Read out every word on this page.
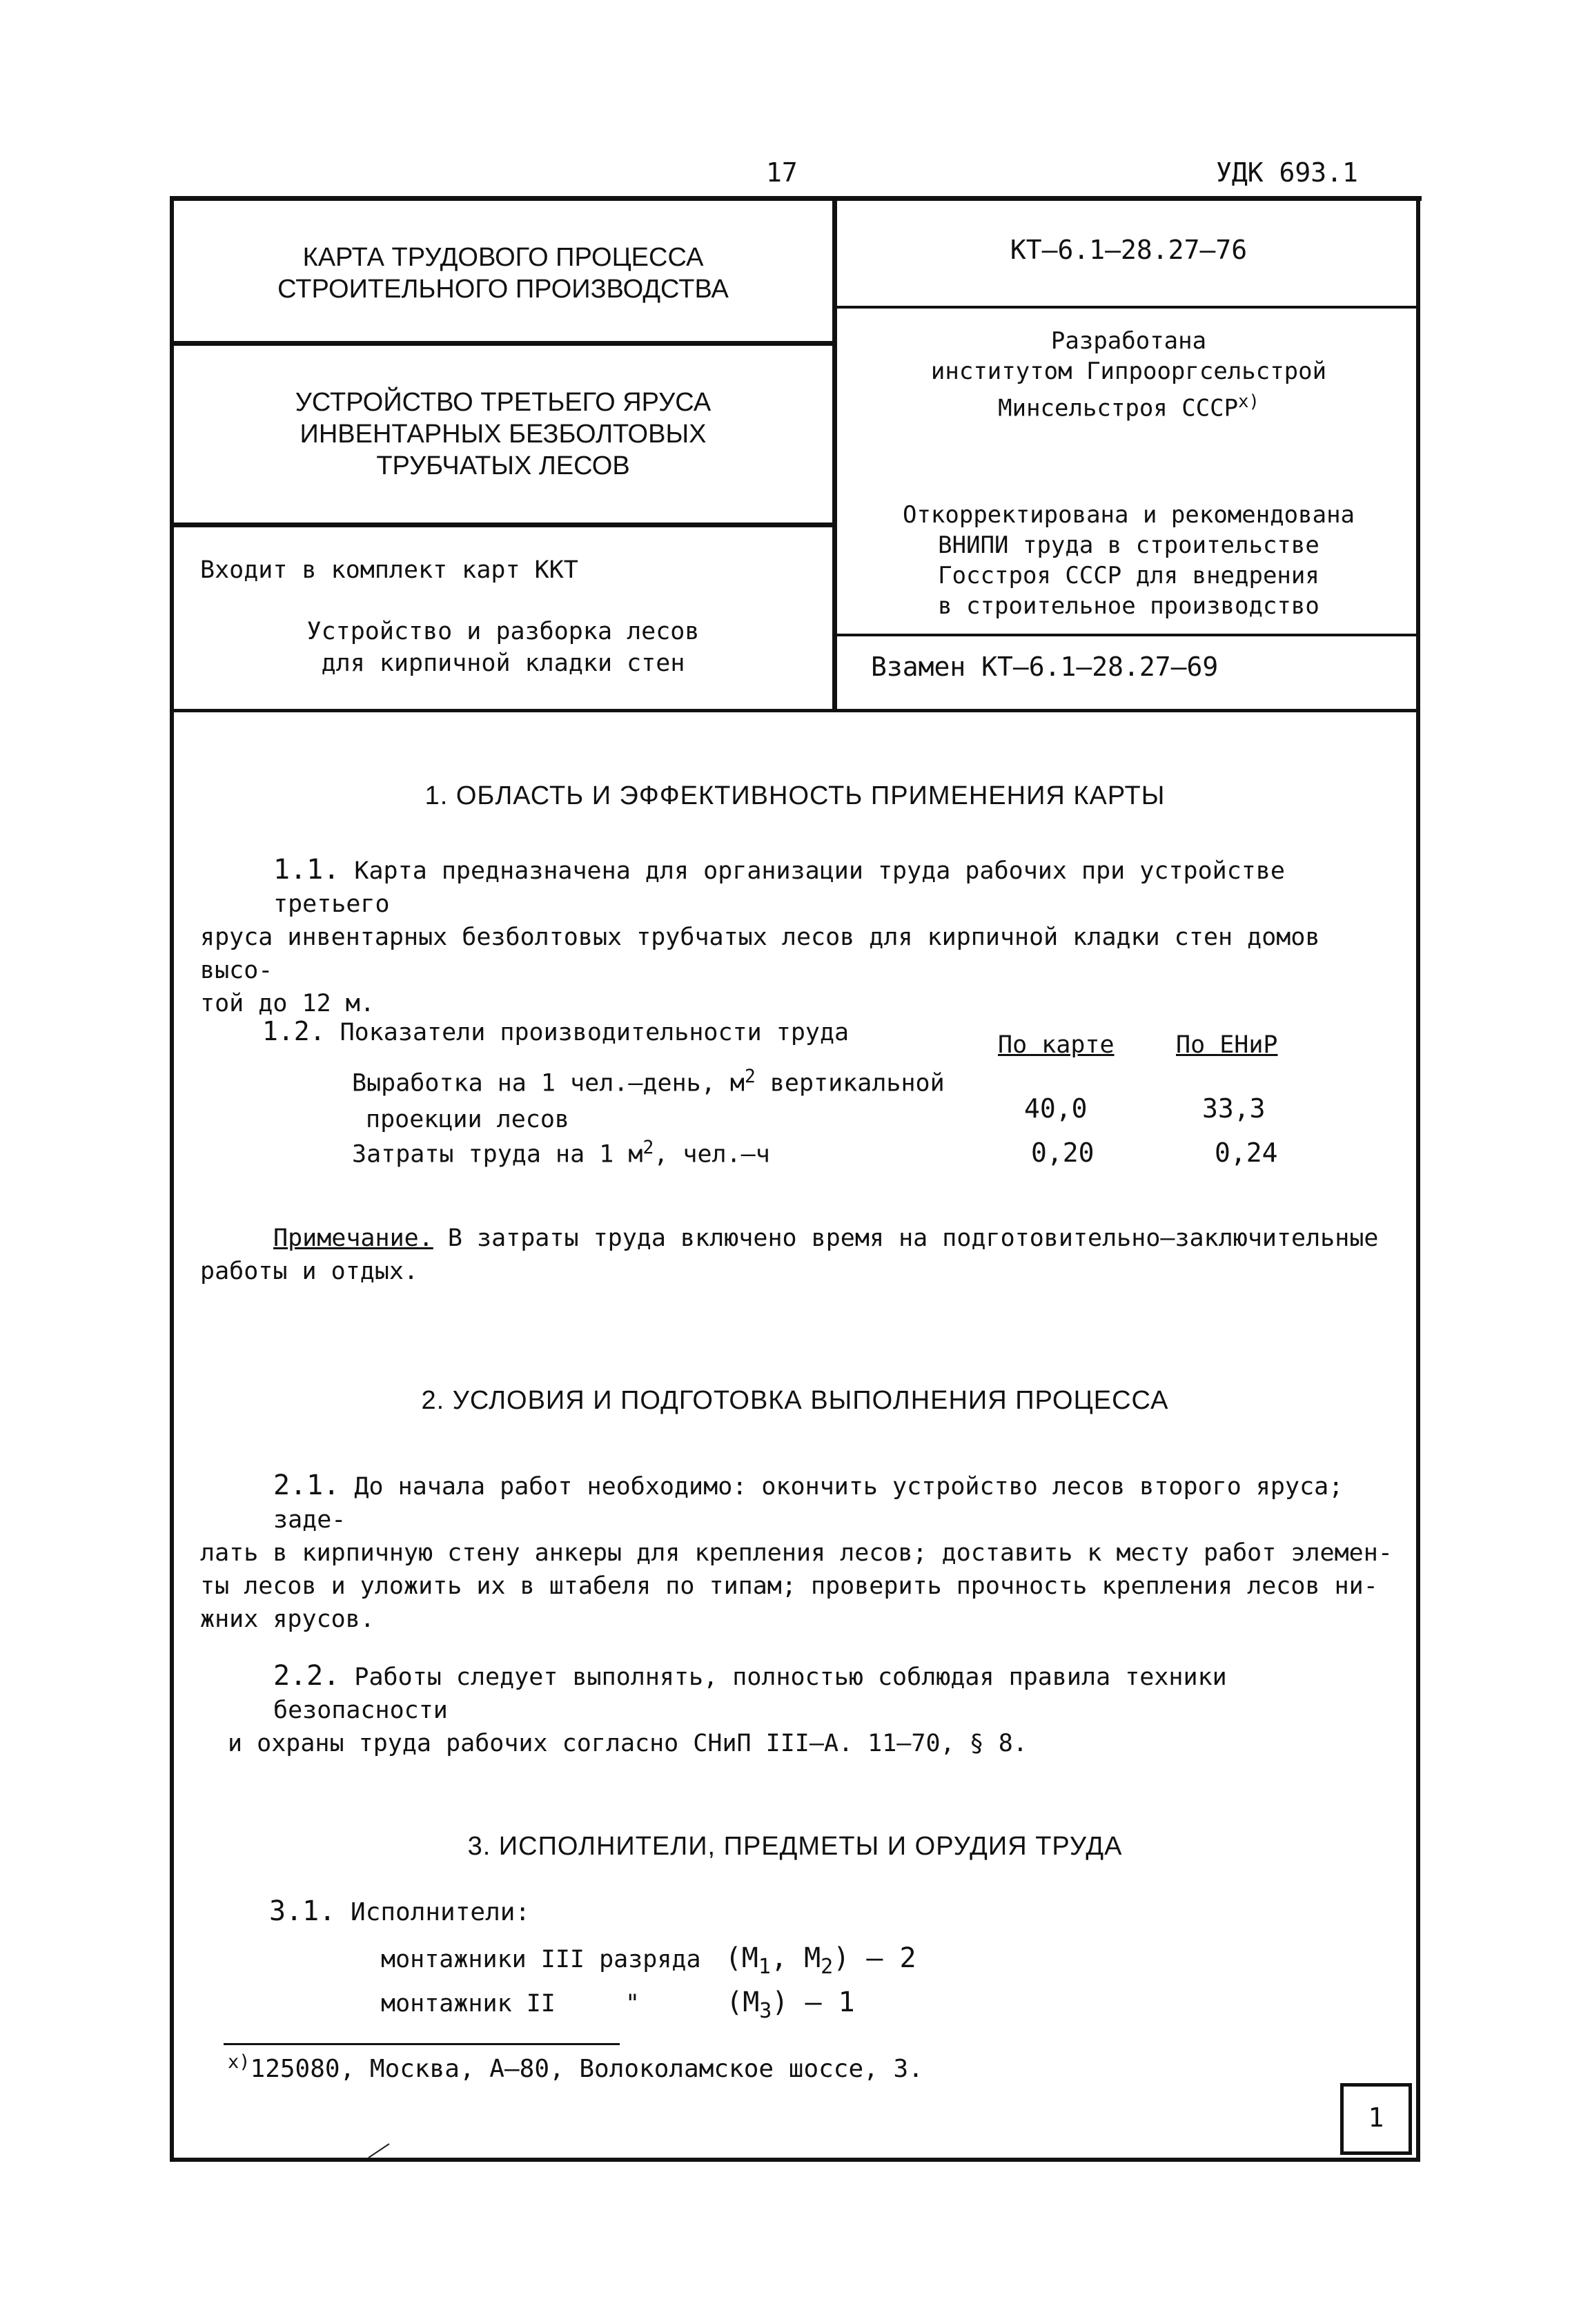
17	УДК 693.1
КАРТА ТРУДОВОГО ПРОЦЕССА
СТРОИТЕЛЬНОГО ПРОИЗВОДСТВА
УСТРОЙСТВО ТРЕТЬЕГО ЯРУСА
ИНВЕНТАРНЫХ БЕЗБОЛТОВЫХ
ТРУБЧАТЫХ ЛЕСОВ
Входит в комплект карт ККТ
Устройство и разборка лесов
для кирпичной кладки стен
КТ–6.1–28.27–76
Разработана
институтом Гипрооргсельстрой
Минсельстроя СССР$^{x)}$
Откорректирована и рекомендована
ВНИПИ труда в строительстве
Госстроя СССР для внедрения
в строительное производство
Взамен КТ–6.1–28.27–69
1. ОБЛАСТЬ И ЭФФЕКТИВНОСТЬ ПРИМЕНЕНИЯ КАРТЫ
1.1. Карта предназначена для организации труда рабочих при устройстве третьего
яруса инвентарных безболтовых трубчатых лесов для кирпичной кладки стен домов высо-
той до 12 м.
1.2. Показатели производительности труда	По карте	По ЕНиР
Выработка на 1 чел.–день, $м^2$ вертикальной
проекции лесов	40,0	33,3
Затраты труда на 1 $м^2$, чел.–ч	0,20	0,24
Примечание. В затраты труда включено время на подготовительно–заключительные
работы и отдых.
2. УСЛОВИЯ И ПОДГОТОВКА ВЫПОЛНЕНИЯ ПРОЦЕССА
2.1. До начала работ необходимо: окончить устройство лесов второго яруса; заде-
лать в кирпичную стену анкеры для крепления лесов; доставить к месту работ элемен-
ты лесов и уложить их в штабеля по типам; проверить прочность крепления лесов ни-
жних ярусов.
2.2. Работы следует выполнять, полностью соблюдая правила техники безопасности
и охраны труда рабочих согласно СНиП III–А. 11–70, § 8.
3. ИСПОЛНИТЕЛИ, ПРЕДМЕТЫ И ОРУДИЯ ТРУДА
3.1. Исполнители:
монтажники III разряда ($М_1$, $М_2) - 2$
монтажник II	"	$(М_3) - 1$
$^{x)}$125080, Москва, А–80, Волоколамское шоссе, 3.
1
